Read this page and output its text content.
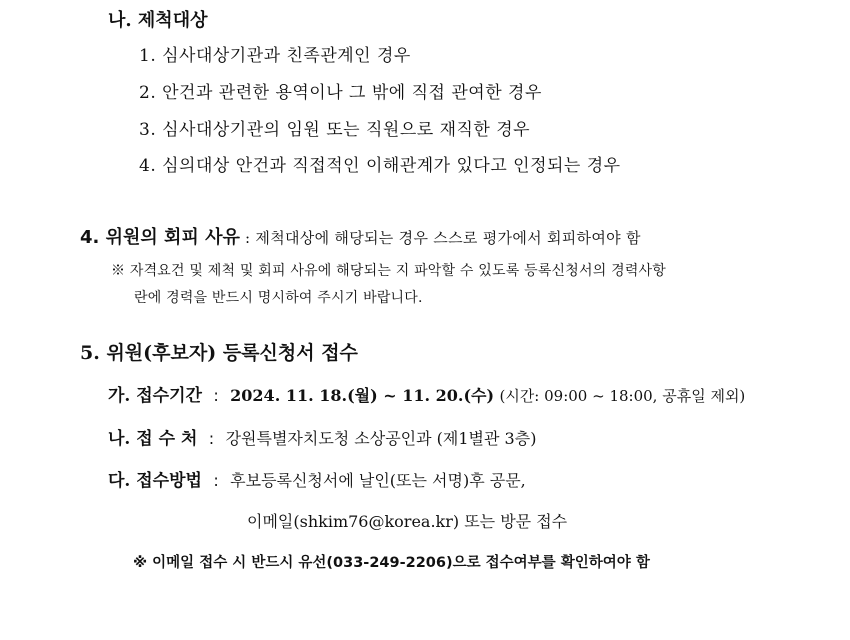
나. 제척대상
1. 심사대상기관과 친족관계인 경우
2. 안건과 관련한 용역이나 그 밖에 직접 관여한 경우
3. 심사대상기관의 임원 또는 직원으로 재직한 경우
4. 심의대상 안건과 직접적인 이해관계가 있다고 인정되는 경우
4. 위원의 회피 사유 : 제척대상에 해당되는 경우 스스로 평가에서 회피하여야 함
※ 자격요건 및 제척 및 회피 사유에 해당되는 지 파악할 수 있도록 등록신청서의 경력사항
란에 경력을 반드시 명시하여 주시기 바랍니다.
5. 위원(후보자) 등록신청서 접수
가. 접수기간 : 2024. 11. 18.(월) ~ 11. 20.(수) (시간: 09:00 ~ 18:00, 공휴일 제외)
나. 접 수 처 : 강원특별자치도청 소상공인과 (제1별관 3층)
다. 접수방법 : 후보등록신청서에 날인(또는 서명)후 공문,
이메일(shkim76@korea.kr) 또는 방문 접수
※ 이메일 접수 시 반드시 유선(033-249-2206)으로 접수여부를 확인하여야 함
